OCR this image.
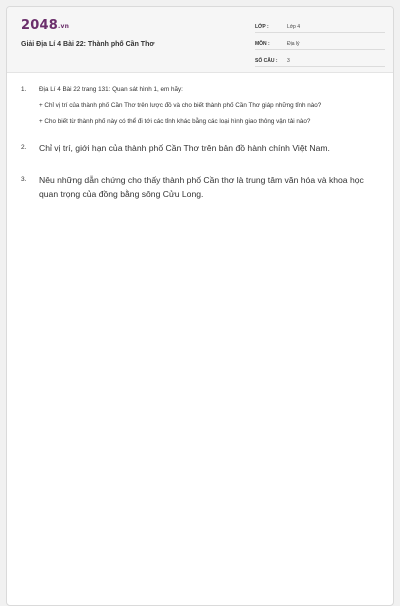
2048.vn
Giải Địa Lí 4 Bài 22: Thành phố Cần Thơ
LỚP :	Lớp 4
MÔN :	Địa lý
SỐ CÂU :	3
1.	Địa Lí 4 Bài 22 trang 131: Quan sát hình 1, em hãy:
+ Chỉ vị trí của thành phố Cần Thơ trên lược đồ và cho biết thành phố Cần Thơ giáp những tỉnh nào?
+ Cho biết từ thành phố này có thể đi tới các tỉnh khác bằng các loại hình giao thông vận tải nào?
2.	Chỉ vị trí, giới hạn của thành phố Cần Thơ trên bản đồ hành chính Việt Nam.
3.	Nêu những dẫn chứng cho thấy thành phố Cần thơ là trung tâm văn hóa và khoa học quan trọng của đồng bằng sông Cửu Long.
